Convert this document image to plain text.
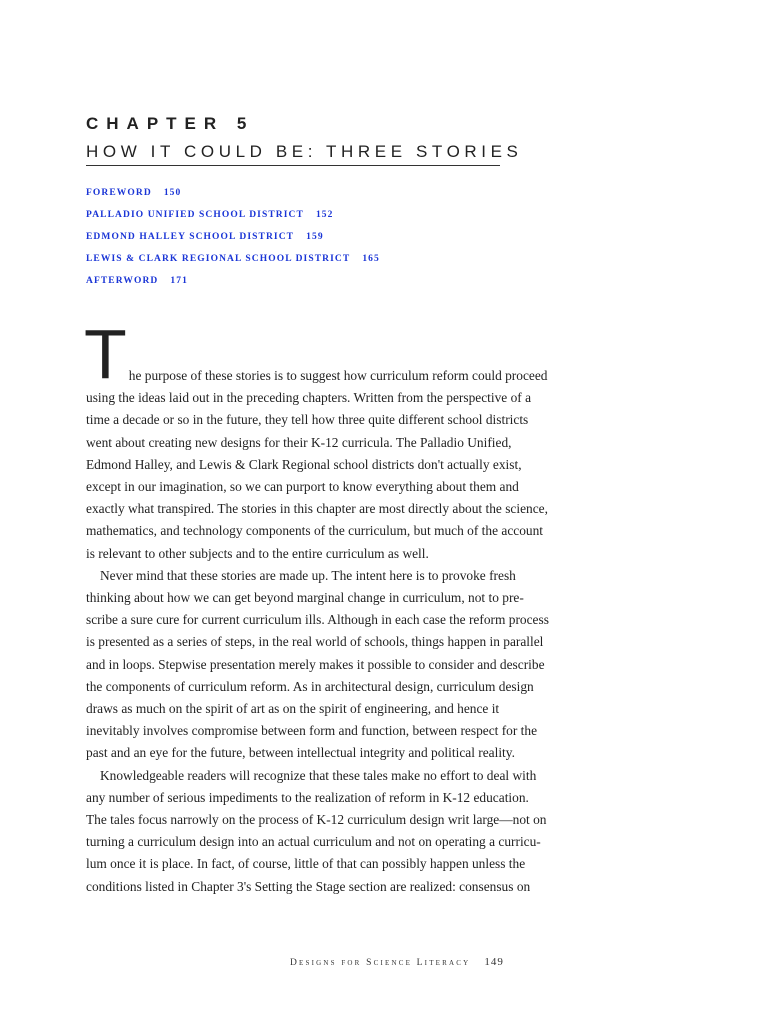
CHAPTER 5
HOW IT COULD BE: THREE STORIES
FOREWORD 150
PALLADIO UNIFIED SCHOOL DISTRICT 152
EDMOND HALLEY SCHOOL DISTRICT 159
LEWIS & CLARK REGIONAL SCHOOL DISTRICT 165
AFTERWORD 171

T he purpose of these stories is to suggest how curriculum reform could proceed
using the ideas laid out in the preceding chapters. Written from the perspective of a
time a decade or so in the future, they tell how three quite different school districts
went about creating new designs for their K-12 curricula. The Palladio Unified,
Edmond Halley, and Lewis & Clark Regional school districts don't actually exist,
except in our imagination, so we can purport to know everything about them and
exactly what transpired. The stories in this chapter are most directly about the science,
mathematics, and technology components of the curriculum, but much of the account
is relevant to other subjects and to the entire curriculum as well.

Never mind that these stories are made up. The intent here is to provoke fresh
thinking about how we can get beyond marginal change in curriculum, not to pre-
scribe a sure cure for current curriculum ills. Although in each case the reform process
is presented as a series of steps, in the real world of schools, things happen in parallel
and in loops. Stepwise presentation merely makes it possible to consider and describe
the components of curriculum reform. As in architectural design, curriculum design
draws as much on the spirit of art as on the spirit of engineering, and hence it
inevitably involves compromise between form and function, between respect for the
past and an eye for the future, between intellectual integrity and political reality.

Knowledgeable readers will recognize that these tales make no effort to deal with
any number of serious impediments to the realization of reform in K-12 education.
The tales focus narrowly on the process of K-12 curriculum design writ large—not on
turning a curriculum design into an actual curriculum and not on operating a curricu-
lum once it is place. In fact, of course, little of that can possibly happen unless the
conditions listed in Chapter 3's Setting the Stage section are realized: consensus on

Designs for Science Literacy 149
